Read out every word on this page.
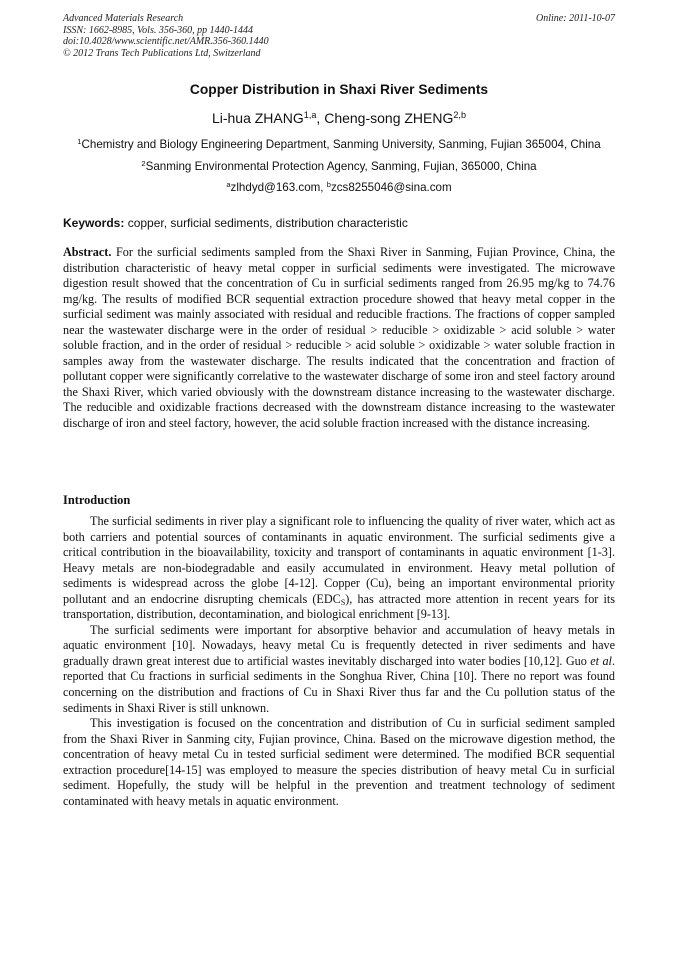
Advanced Materials Research
ISSN: 1662-8985, Vols. 356-360, pp 1440-1444
doi:10.4028/www.scientific.net/AMR.356-360.1440
© 2012 Trans Tech Publications Ltd, Switzerland
Online: 2011-10-07
Copper Distribution in Shaxi River Sediments
Li-hua ZHANG$^{1,a}$, Cheng-song ZHENG$^{2,b}$
$^1$Chemistry and Biology Engineering Department, Sanming University, Sanming, Fujian 365004, China
$^2$Sanming Environmental Protection Agency, Sanming, Fujian, 365000, China
$^a$zlhdyd@163.com, $^b$zcs8255046@sina.com
Keywords: copper, surficial sediments, distribution characteristic
Abstract. For the surficial sediments sampled from the Shaxi River in Sanming, Fujian Province, China, the distribution characteristic of heavy metal copper in surficial sediments were investigated. The microwave digestion result showed that the concentration of Cu in surficial sediments ranged from 26.95 mg/kg to 74.76 mg/kg. The results of modified BCR sequential extraction procedure showed that heavy metal copper in the surficial sediment was mainly associated with residual and reducible fractions. The fractions of copper sampled near the wastewater discharge were in the order of residual > reducible > oxidizable > acid soluble > water soluble fraction, and in the order of residual > reducible > acid soluble > oxidizable > water soluble fraction in samples away from the wastewater discharge. The results indicated that the concentration and fraction of pollutant copper were significantly correlative to the wastewater discharge of some iron and steel factory around the Shaxi River, which varied obviously with the downstream distance increasing to the wastewater discharge. The reducible and oxidizable fractions decreased with the downstream distance increasing to the wastewater discharge of iron and steel factory, however, the acid soluble fraction increased with the distance increasing.
Introduction

The surficial sediments in river play a significant role to influencing the quality of river water, which act as both carriers and potential sources of contaminants in aquatic environment. The surficial sediments give a critical contribution in the bioavailability, toxicity and transport of contaminants in aquatic environment [1-3]. Heavy metals are non-biodegradable and easily accumulated in environment. Heavy metal pollution of sediments is widespread across the globe [4-12]. Copper (Cu), being an important environmental priority pollutant and an endocrine disrupting chemicals $(EDC_S)$, has attracted more attention in recent years for its transportation, distribution, decontamination, and biological enrichment [9-13].

The surficial sediments were important for absorptive behavior and accumulation of heavy metals in aquatic environment [10]. Nowadays, heavy metal Cu is frequently detected in river sediments and have gradually drawn great interest due to artificial wastes inevitably discharged into water bodies [10,12]. Guo et al. reported that Cu fractions in surficial sediments in the Songhua River, China [10]. There no report was found concerning on the distribution and fractions of Cu in Shaxi River thus far and the Cu pollution status of the sediments in Shaxi River is still unknown.

This investigation is focused on the concentration and distribution of Cu in surficial sediment sampled from the Shaxi River in Sanming city, Fujian province, China. Based on the microwave digestion method, the concentration of heavy metal Cu in tested surficial sediment were determined. The modified BCR sequential extraction procedure[14-15] was employed to measure the species distribution of heavy metal Cu in surficial sediment. Hopefully, the study will be helpful in the prevention and treatment technology of sediment contaminated with heavy metals in aquatic environment.
